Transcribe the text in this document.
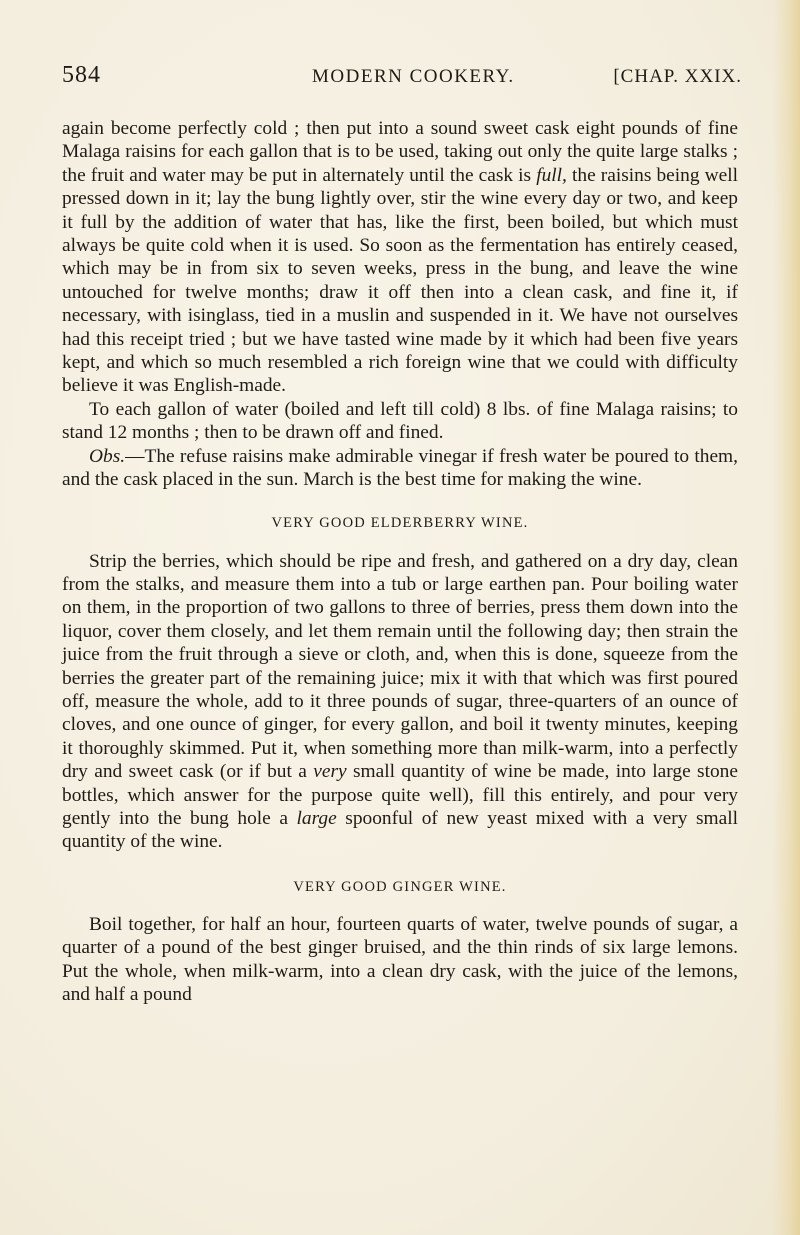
584	MODERN COOKERY.	[CHAP. XXIX.

again become perfectly cold ; then put into a sound sweet cask eight pounds of fine Malaga raisins for each gallon that is to be used, taking out only the quite large stalks ; the fruit and water may be put in alternately until the cask is full, the raisins being well pressed down in it; lay the bung lightly over, stir the wine every day or two, and keep it full by the addition of water that has, like the first, been boiled, but which must always be quite cold when it is used. So soon as the fermentation has entirely ceased, which may be in from six to seven weeks, press in the bung, and leave the wine untouched for twelve months; draw it off then into a clean cask, and fine it, if necessary, with isinglass, tied in a muslin and suspended in it. We have not ourselves had this receipt tried ; but we have tasted wine made by it which had been five years kept, and which so much resembled a rich foreign wine that we could with difficulty believe it was English-made.

To each gallon of water (boiled and left till cold) 8 lbs. of fine Malaga raisins; to stand 12 months ; then to be drawn off and fined.

Obs.—The refuse raisins make admirable vinegar if fresh water be poured to them, and the cask placed in the sun. March is the best time for making the wine.

VERY GOOD ELDERBERRY WINE.

Strip the berries, which should be ripe and fresh, and gathered on a dry day, clean from the stalks, and measure them into a tub or large earthen pan. Pour boiling water on them, in the proportion of two gallons to three of berries, press them down into the liquor, cover them closely, and let them remain until the following day; then strain the juice from the fruit through a sieve or cloth, and, when this is done, squeeze from the berries the greater part of the remaining juice; mix it with that which was first poured off, measure the whole, add to it three pounds of sugar, three-quarters of an ounce of cloves, and one ounce of ginger, for every gallon, and boil it twenty minutes, keeping it thoroughly skimmed. Put it, when something more than milk-warm, into a perfectly dry and sweet cask (or if but a very small quantity of wine be made, into large stone bottles, which answer for the purpose quite well), fill this entirely, and pour very gently into the bung hole a large spoonful of new yeast mixed with a very small quantity of the wine.

VERY GOOD GINGER WINE.

Boil together, for half an hour, fourteen quarts of water, twelve pounds of sugar, a quarter of a pound of the best ginger bruised, and the thin rinds of six large lemons. Put the whole, when milk-warm, into a clean dry cask, with the juice of the lemons, and half a pound
